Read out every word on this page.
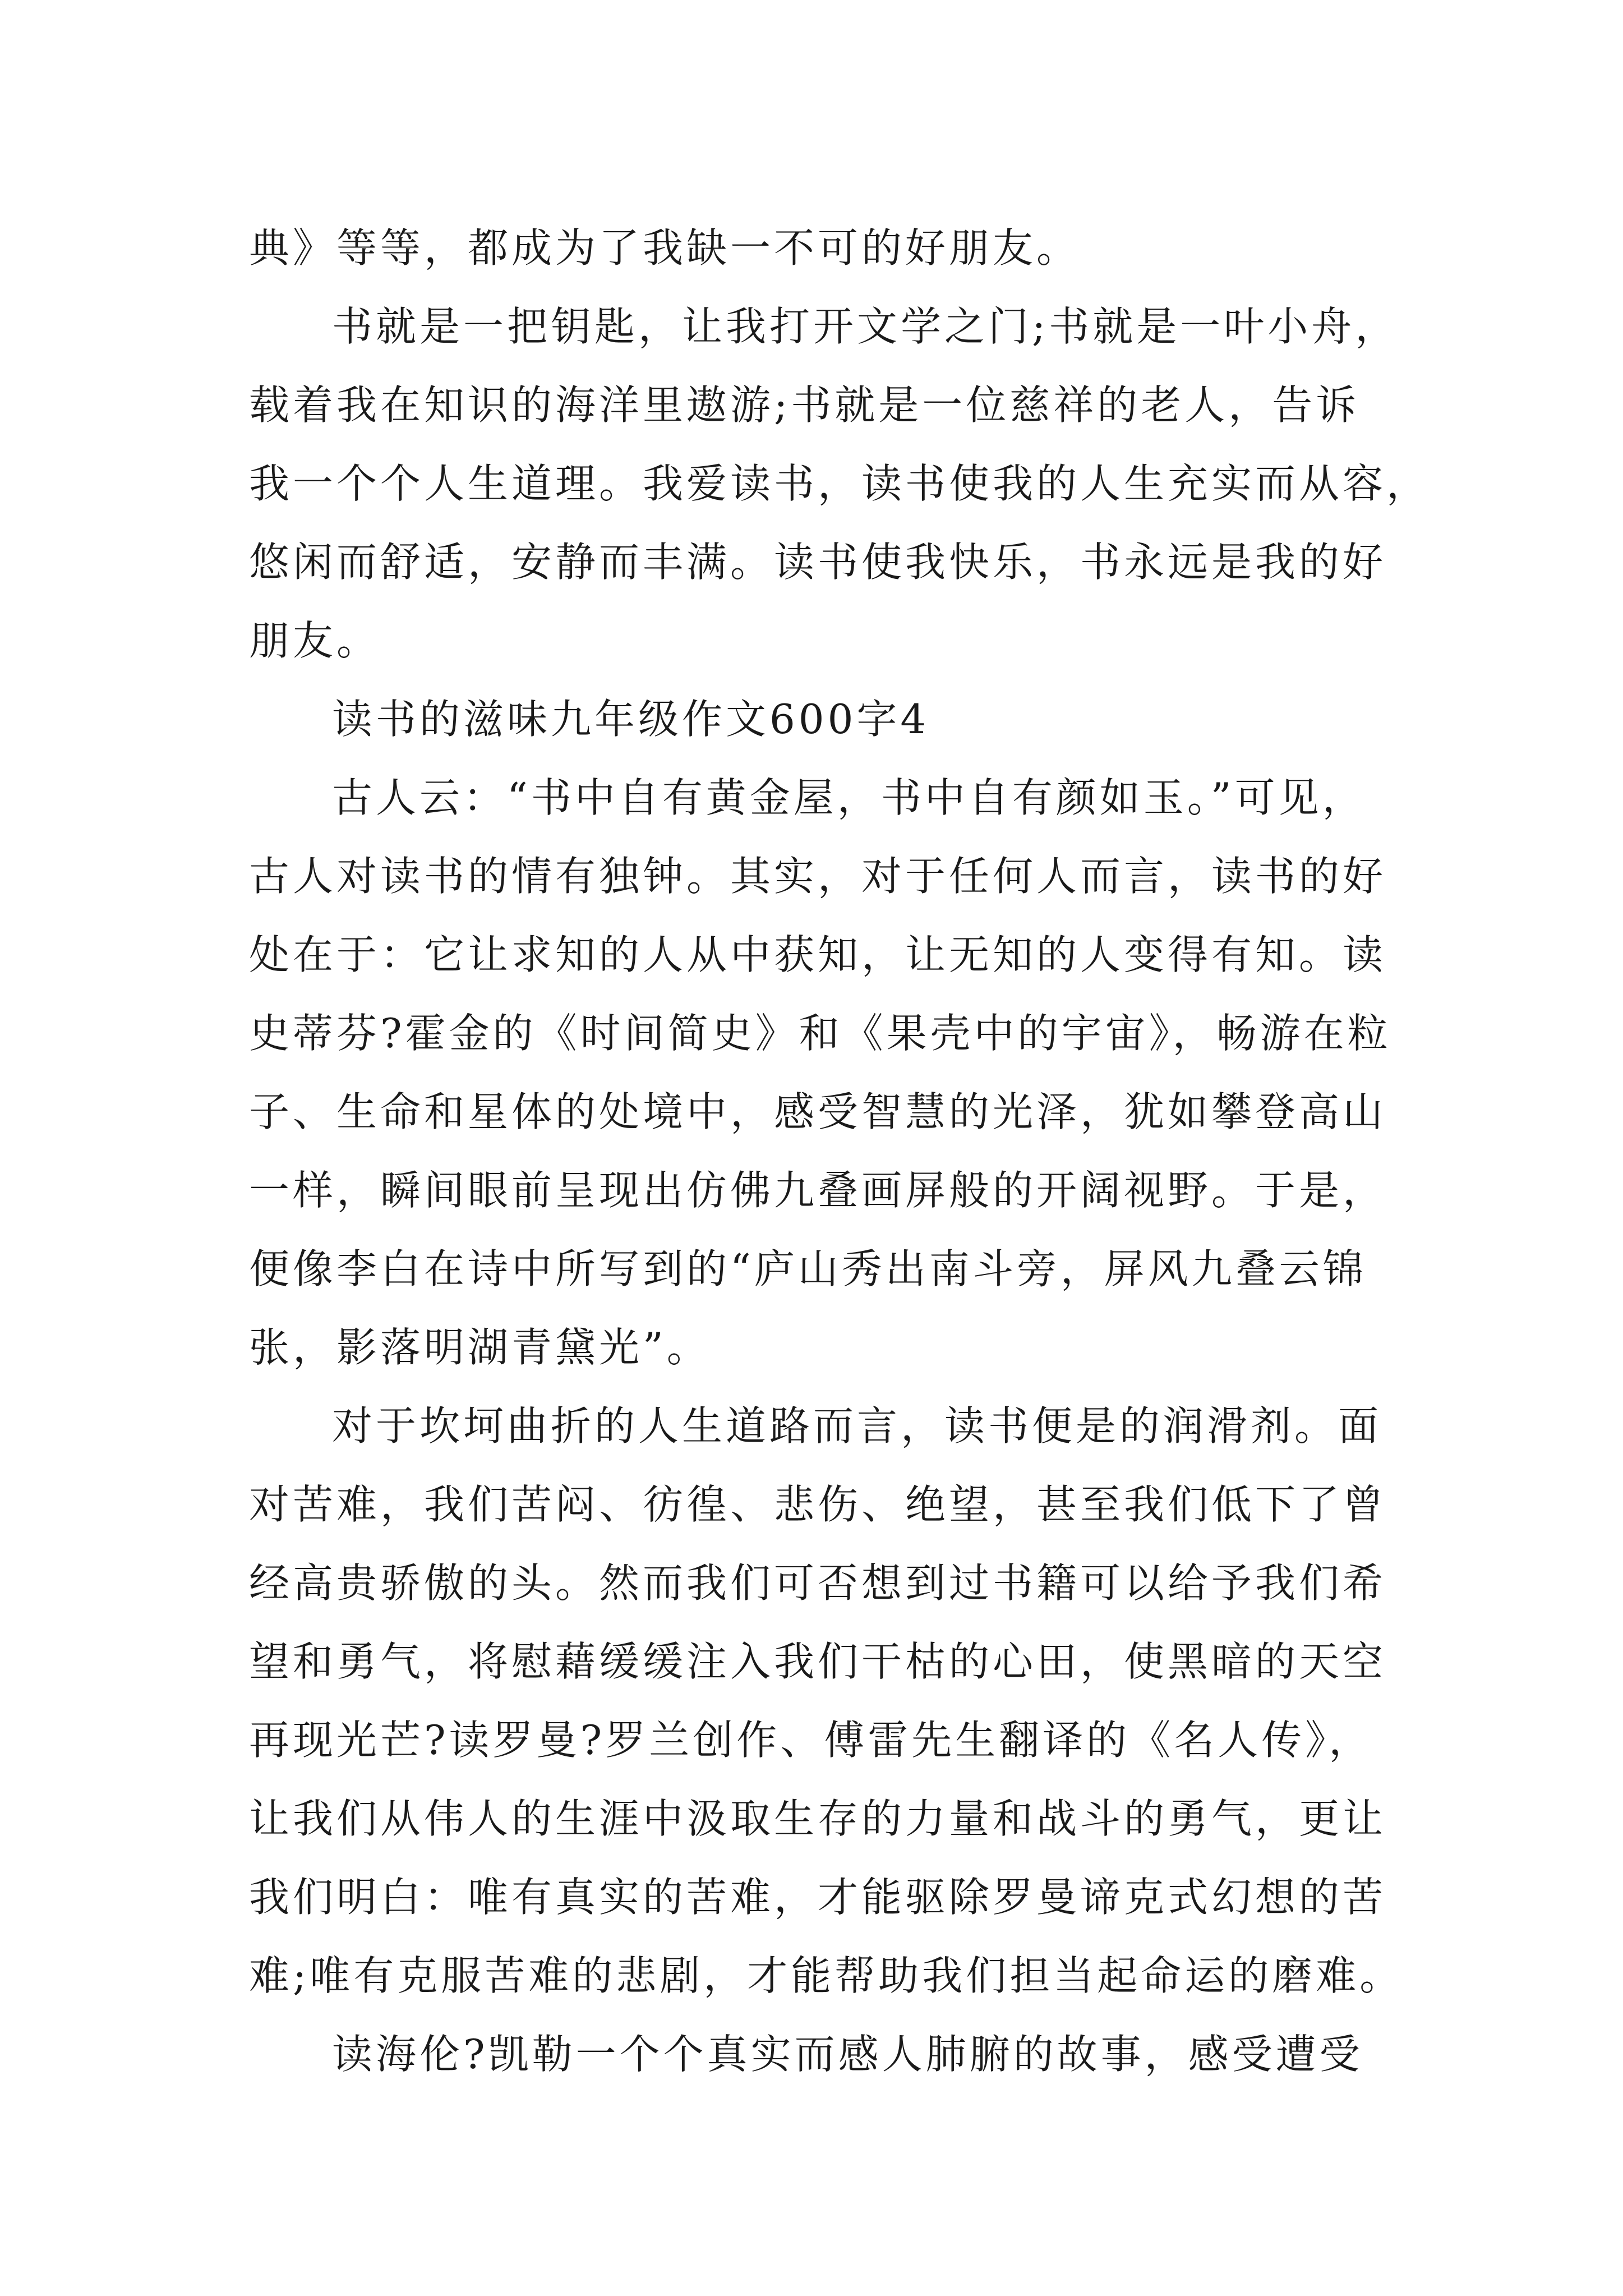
典》等等，都成为了我缺一不可的好朋友。
书就是一把钥匙，让我打开文学之门;书就是一叶小舟，
载着我在知识的海洋里遨游;书就是一位慈祥的老人，告诉
我一个个人生道理。我爱读书，读书使我的人生充实而从容，
悠闲而舒适，安静而丰满。读书使我快乐，书永远是我的好
朋友。
读书的滋味九年级作文600字4
古人云：“书中自有黄金屋，书中自有颜如玉。”可见，
古人对读书的情有独钟。其实，对于任何人而言，读书的好
处在于：它让求知的人从中获知，让无知的人变得有知。读
史蒂芬?霍金的《时间简史》和《果壳中的宇宙》，畅游在粒
子、生命和星体的处境中，感受智慧的光泽，犹如攀登高山
一样，瞬间眼前呈现出仿佛九叠画屏般的开阔视野。于是，
便像李白在诗中所写到的“庐山秀出南斗旁，屏风九叠云锦
张，影落明湖青黛光”。
对于坎坷曲折的人生道路而言，读书便是的润滑剂。面
对苦难，我们苦闷、彷徨、悲伤、绝望，甚至我们低下了曾
经高贵骄傲的头。然而我们可否想到过书籍可以给予我们希
望和勇气，将慰藉缓缓注入我们干枯的心田，使黑暗的天空
再现光芒?读罗曼?罗兰创作、傅雷先生翻译的《名人传》，
让我们从伟人的生涯中汲取生存的力量和战斗的勇气，更让
我们明白：唯有真实的苦难，才能驱除罗曼谛克式幻想的苦
难;唯有克服苦难的悲剧，才能帮助我们担当起命运的磨难。
读海伦?凯勒一个个真实而感人肺腑的故事，感受遭受
